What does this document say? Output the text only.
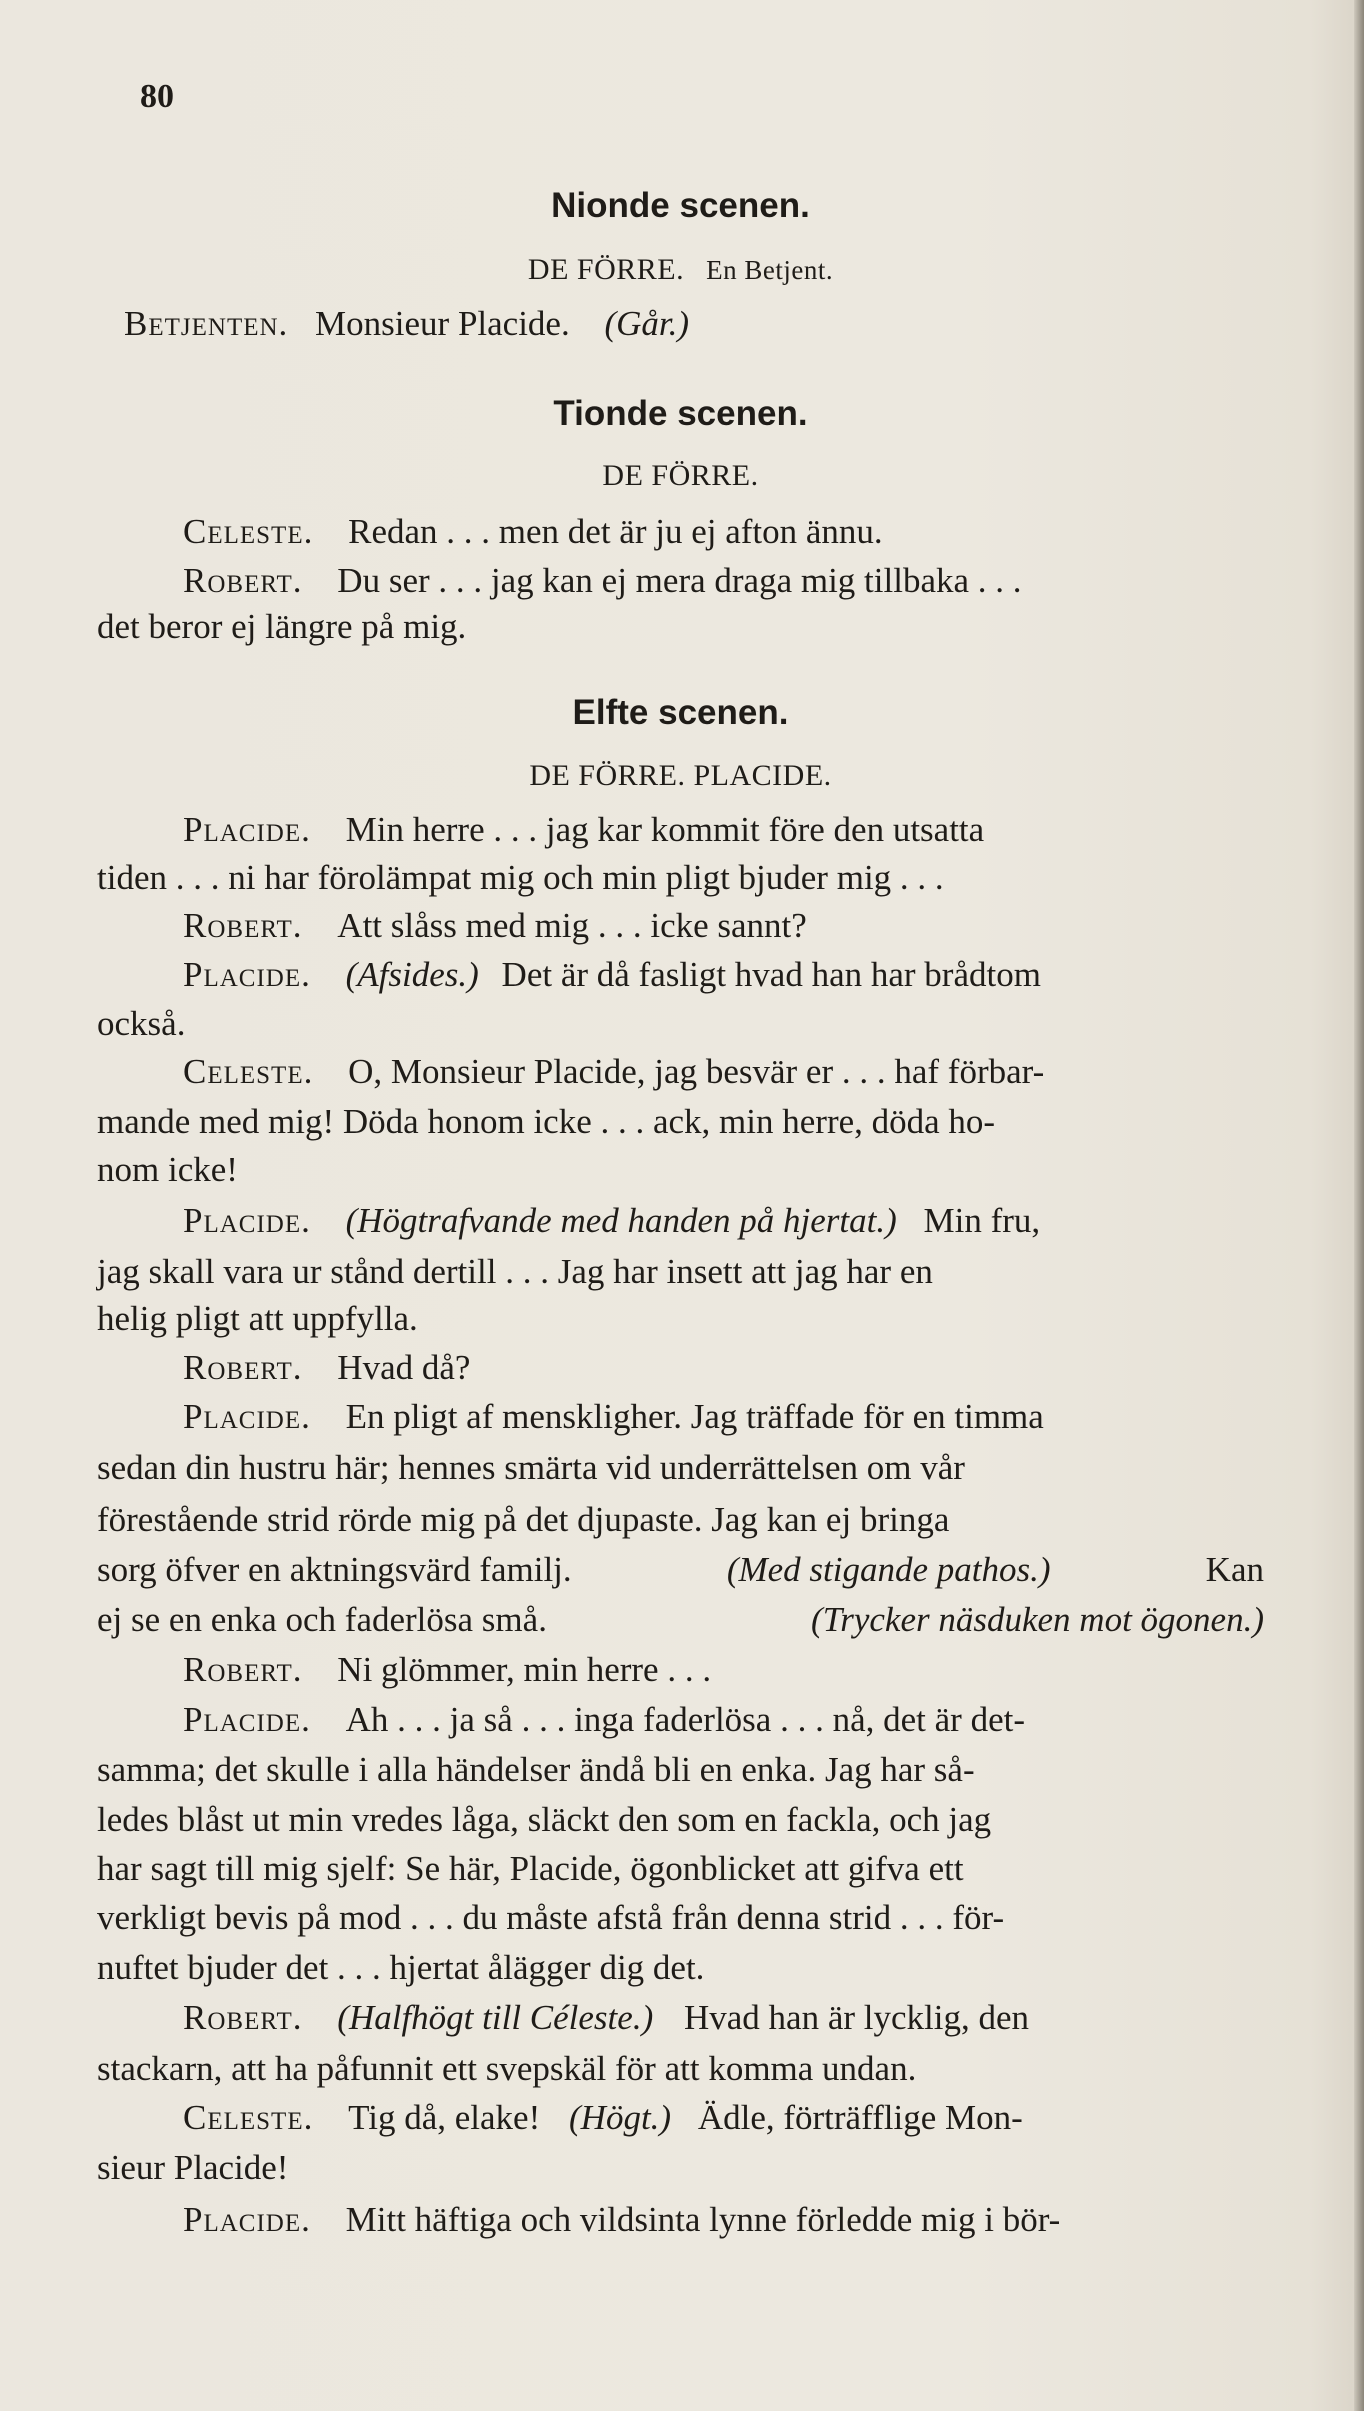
80
Nionde scenen.
DE FÖRRE. En Betjent.
Betjenten. Monsieur Placide. (Går.)
Tionde scenen.
DE FÖRRE.
Celeste. Redan . . . men det är ju ej afton ännu.
Robert. Du ser . . . jag kan ej mera draga mig tillbaka . . .
det beror ej längre på mig.
Elfte scenen.
DE FÖRRE. PLACIDE.
Placide. Min herre . . . jag kar kommit före den utsatta
tiden . . . ni har förolämpat mig och min pligt bjuder mig . . .
Robert. Att slåss med mig . . . icke sannt?
Placide. (Afsides.) Det är då fasligt hvad han har brådtom
också.
Celeste. O, Monsieur Placide, jag besvär er . . . haf förbar-
mande med mig! Döda honom icke . . . ack, min herre, döda ho-
nom icke!
Placide. (Högtrafvande med handen på hjertat.) Min fru,
jag skall vara ur stånd dertill . . . Jag har insett att jag har en
helig pligt att uppfylla.
Robert. Hvad då?
Placide. En pligt af menskligher. Jag träffade för en timma
sedan din hustru här; hennes smärta vid underrättelsen om vår
förestående strid rörde mig på det djupaste. Jag kan ej bringa
sorg öfver en aktningsvärd familj.	(Med stigande pathos.)	Kan
ej se en enka och faderlösa små.	(Trycker näsduken mot ögonen.)
Robert. Ni glömmer, min herre . . .
Placide. Ah . . . ja så . . . inga faderlösa . . . nå, det är det-
samma; det skulle i alla händelser ändå bli en enka. Jag har så-
ledes blåst ut min vredes låga, släckt den som en fackla, och jag
har sagt till mig sjelf: Se här, Placide, ögonblicket att gifva ett
verkligt bevis på mod . . . du måste afstå från denna strid . . . för-
nuftet bjuder det . . . hjertat ålägger dig det.
Robert. (Halfhögt till Céleste.) Hvad han är lycklig, den
stackarn, att ha påfunnit ett svepskäl för att komma undan.
Celeste. Tig då, elake! (Högt.) Ädle, förträfflige Mon-
sieur Placide!
Placide. Mitt häftiga och vildsinta lynne förledde mig i bör-
